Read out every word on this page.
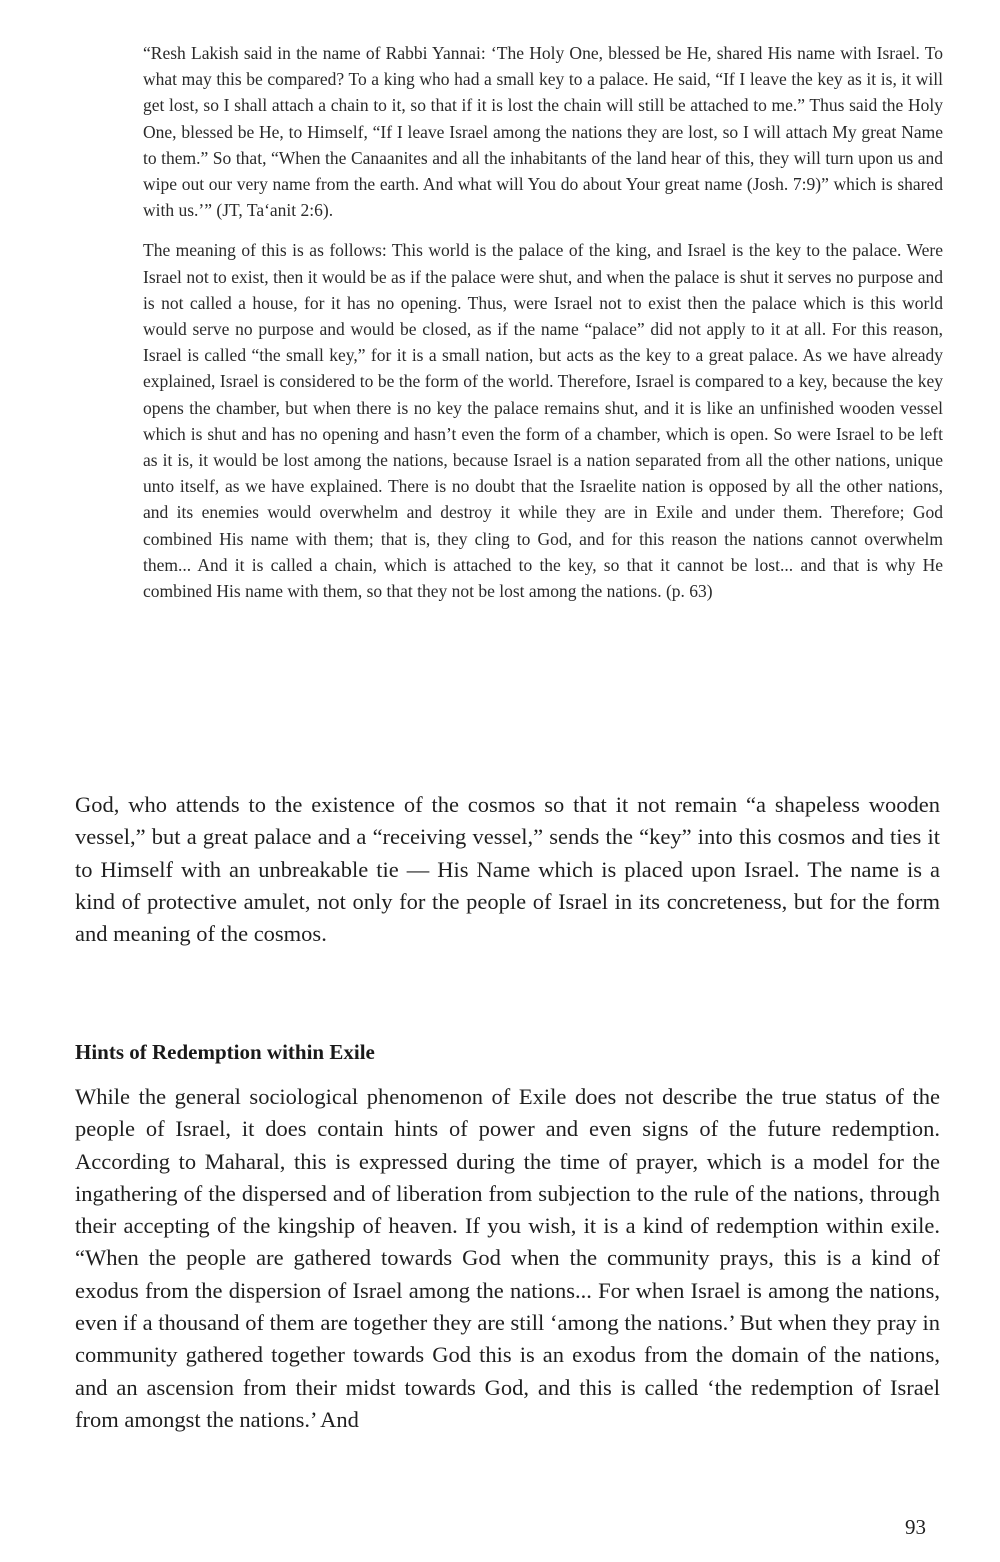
“Resh Lakish said in the name of Rabbi Yannai: ‘The Holy One, blessed be He, shared His name with Israel. To what may this be compared? To a king who had a small key to a palace. He said, “If I leave the key as it is, it will get lost, so I shall attach a chain to it, so that if it is lost the chain will still be attached to me.” Thus said the Holy One, blessed be He, to Himself, “If I leave Israel among the nations they are lost, so I will attach My great Name to them.” So that, “When the Canaanites and all the inhabitants of the land hear of this, they will turn upon us and wipe out our very name from the earth. And what will You do about Your great name (Josh. 7:9)” which is shared with us.’” (JT, Ta‘anit 2:6).

The meaning of this is as follows: This world is the palace of the king, and Israel is the key to the palace. Were Israel not to exist, then it would be as if the palace were shut, and when the palace is shut it serves no purpose and is not called a house, for it has no opening. Thus, were Israel not to exist then the palace which is this world would serve no purpose and would be closed, as if the name “palace” did not apply to it at all. For this reason, Israel is called “the small key,” for it is a small nation, but acts as the key to a great palace. As we have already explained, Israel is considered to be the form of the world. Therefore, Israel is compared to a key, because the key opens the chamber, but when there is no key the palace remains shut, and it is like an unfinished wooden vessel which is shut and has no opening and hasn’t even the form of a chamber, which is open. So were Israel to be left as it is, it would be lost among the nations, because Israel is a nation separated from all the other nations, unique unto itself, as we have explained. There is no doubt that the Israelite nation is opposed by all the other nations, and its enemies would overwhelm and destroy it while they are in Exile and under them. Therefore; God combined His name with them; that is, they cling to God, and for this reason the nations cannot overwhelm them... And it is called a chain, which is attached to the key, so that it cannot be lost... and that is why He combined His name with them, so that they not be lost among the nations. (p. 63)

God, who attends to the existence of the cosmos so that it not remain “a shapeless wooden vessel,” but a great palace and a “receiving vessel,” sends the “key” into this cosmos and ties it to Himself with an unbreakable tie — His Name which is placed upon Israel. The name is a kind of protective amulet, not only for the people of Israel in its concreteness, but for the form and meaning of the cosmos.

Hints of Redemption within Exile

While the general sociological phenomenon of Exile does not describe the true status of the people of Israel, it does contain hints of power and even signs of the future redemption. According to Maharal, this is expressed during the time of prayer, which is a model for the ingathering of the dispersed and of liberation from subjection to the rule of the nations, through their accepting of the kingship of heaven. If you wish, it is a kind of redemption within exile. “When the people are gathered towards God when the community prays, this is a kind of exodus from the dispersion of Israel among the nations... For when Israel is among the nations, even if a thousand of them are together they are still ‘among the nations.’ But when they pray in community gathered together towards God this is an exodus from the domain of the nations, and an ascension from their midst towards God, and this is called ‘the redemption of Israel from amongst the nations.’ And

93
